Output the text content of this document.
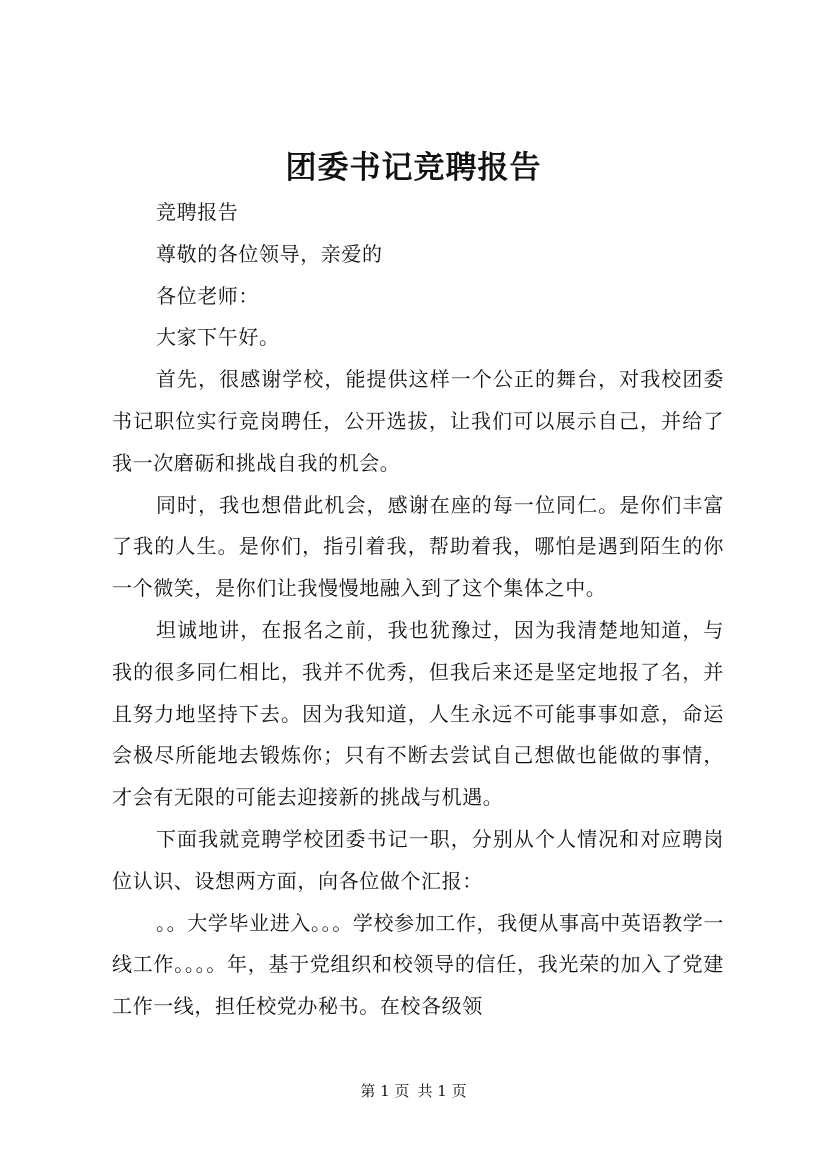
团委书记竞聘报告

竞聘报告

尊敬的各位领导，亲爱的

各位老师：

大家下午好。

首先，很感谢学校，能提供这样一个公正的舞台，对我校团委书记职位实行竞岗聘任，公开选拔，让我们可以展示自己，并给了我一次磨砺和挑战自我的机会。

同时，我也想借此机会，感谢在座的每一位同仁。是你们丰富了我的人生。是你们，指引着我，帮助着我，哪怕是遇到陌生的你一个微笑，是你们让我慢慢地融入到了这个集体之中。

坦诚地讲，在报名之前，我也犹豫过，因为我清楚地知道，与我的很多同仁相比，我并不优秀，但我后来还是坚定地报了名，并且努力地坚持下去。因为我知道，人生永远不可能事事如意，命运会极尽所能地去锻炼你；只有不断去尝试自己想做也能做的事情，才会有无限的可能去迎接新的挑战与机遇。

下面我就竞聘学校团委书记一职，分别从个人情况和对应聘岗位认识、设想两方面，向各位做个汇报：

。。大学毕业进入。。。学校参加工作，我便从事高中英语教学一线工作。。。。年，基于党组织和校领导的信任，我光荣的加入了党建工作一线，担任校党办秘书。在校各级领

第 1 页 共 1 页
